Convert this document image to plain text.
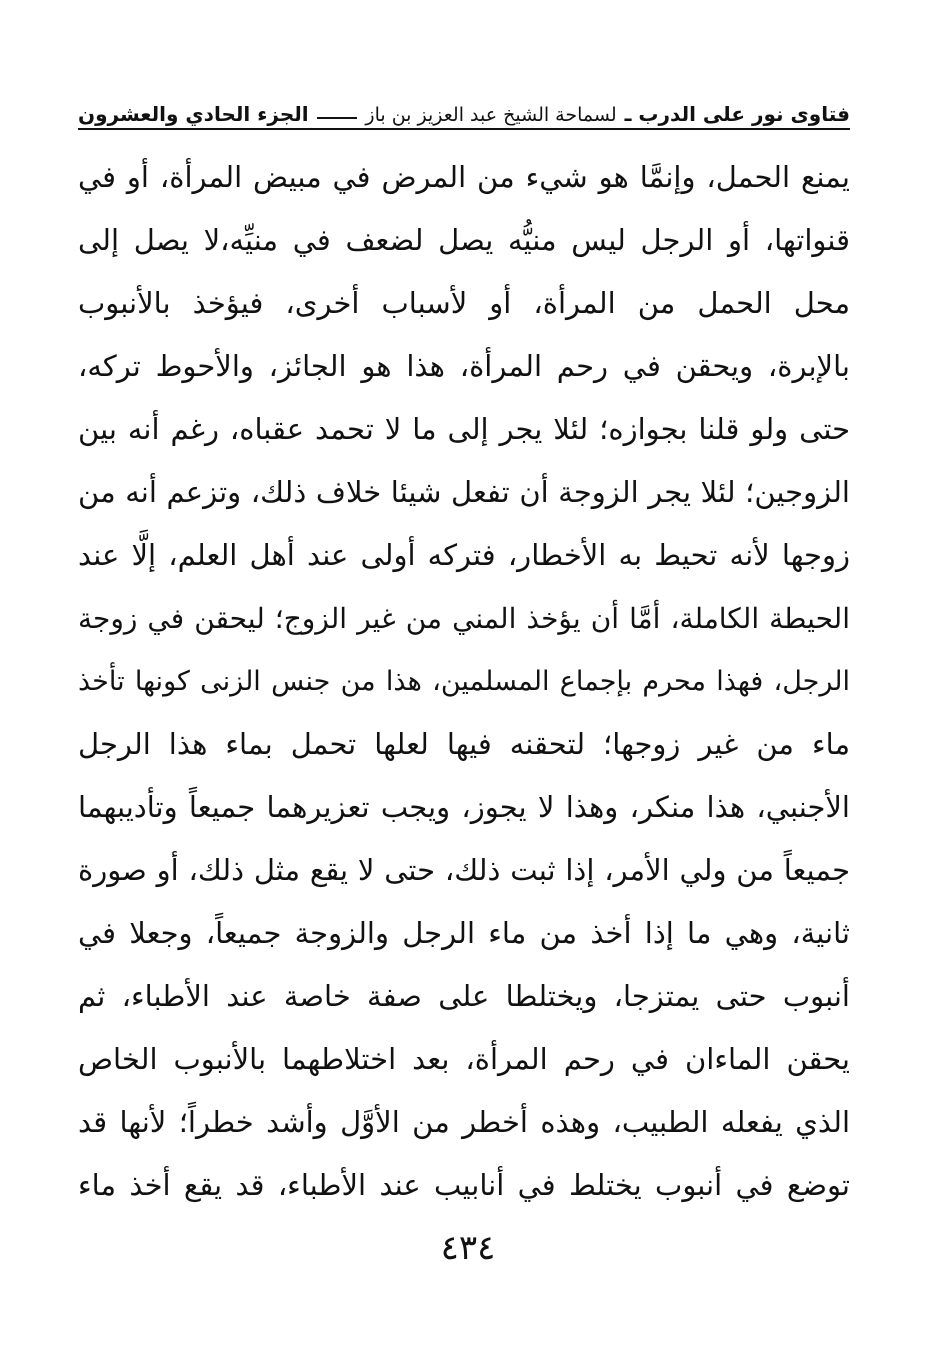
فتاوى نور على الدرب ـ
لسماحة الشيخ عبد العزيز بن باز
الجزء الحادي والعشرون
يمنع الحمل، وإنمَّا هو شيء من المرض في مبيض المرأة، أو في
قنواتها، أو الرجل ليس منيُّه يصل لضعف في منيِّه،لا يصل إلى
محل الحمل من المرأة، أو لأسباب أخرى، فيؤخذ بالأنبوب
بالإبرة، ويحقن في رحم المرأة، هذا هو الجائز، والأحوط تركه،
حتى ولو قلنا بجوازه؛ لئلا يجر إلى ما لا تحمد عقباه، رغم أنه بين
الزوجين؛ لئلا يجر الزوجة أن تفعل شيئا خلاف ذلك، وتزعم أنه من
زوجها لأنه تحيط به الأخطار، فتركه أولى عند أهل العلم، إلَّا عند
الحيطة الكاملة، أمَّا أن يؤخذ المني من غير الزوج؛ ليحقن في زوجة
الرجل، فهذا محرم بإجماع المسلمين، هذا من جنس الزنى كونها تأخذ
ماء من غير زوجها؛ لتحقنه فيها لعلها تحمل بماء هذا الرجل
الأجنبي، هذا منكر، وهذا لا يجوز، ويجب تعزيرهما جميعاً وتأديبهما
جميعاً من ولي الأمر، إذا ثبت ذلك، حتى لا يقع مثل ذلك، أو صورة
ثانية، وهي ما إذا أخذ من ماء الرجل والزوجة جميعاً، وجعلا في
أنبوب حتى يمتزجا، ويختلطا على صفة خاصة عند الأطباء، ثم
يحقن الماءان في رحم المرأة، بعد اختلاطهما بالأنبوب الخاص
الذي يفعله الطبيب، وهذه أخطر من الأوَّل وأشد خطراً؛ لأنها قد
توضع في أنبوب يختلط في أنابيب عند الأطباء، قد يقع أخذ ماء
٤٣٤
